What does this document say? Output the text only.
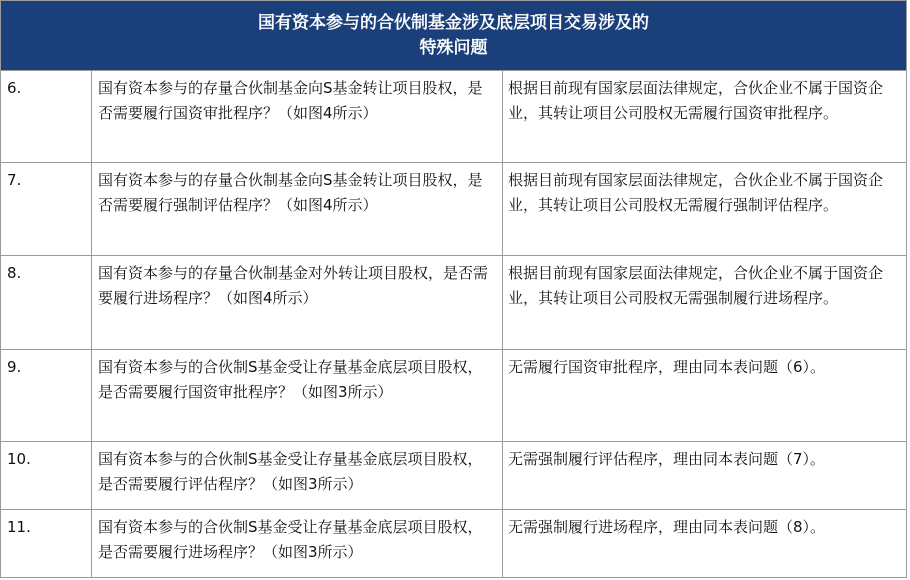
国有资本参与的合伙制基金涉及底层项目交易涉及的
特殊问题		

6.	国有资本参与的存量合伙制基金向S基金转让项目股权，是否需要履行国资审批程序？（如图4所示）	根据目前现有国家层面法律规定，合伙企业不属于国资企业，其转让项目公司股权无需履行国资审批程序。
7.	国有资本参与的存量合伙制基金向S基金转让项目股权，是否需要履行强制评估程序？（如图4所示）	根据目前现有国家层面法律规定，合伙企业不属于国资企业，其转让项目公司股权无需履行强制评估程序。
8.	国有资本参与的存量合伙制基金对外转让项目股权，是否需要履行进场程序？（如图4所示）	根据目前现有国家层面法律规定，合伙企业不属于国资企业，其转让项目公司股权无需强制履行进场程序。
9.	国有资本参与的合伙制S基金受让存量基金底层项目股权，是否需要履行国资审批程序？（如图3所示）	无需履行国资审批程序，理由同本表问题（6）。
10.	国有资本参与的合伙制S基金受让存量基金底层项目股权，是否需要履行评估程序？（如图3所示）	无需强制履行评估程序，理由同本表问题（7）。
11.	国有资本参与的合伙制S基金受让存量基金底层项目股权，是否需要履行进场程序？（如图3所示）	无需强制履行进场程序，理由同本表问题（8）。
